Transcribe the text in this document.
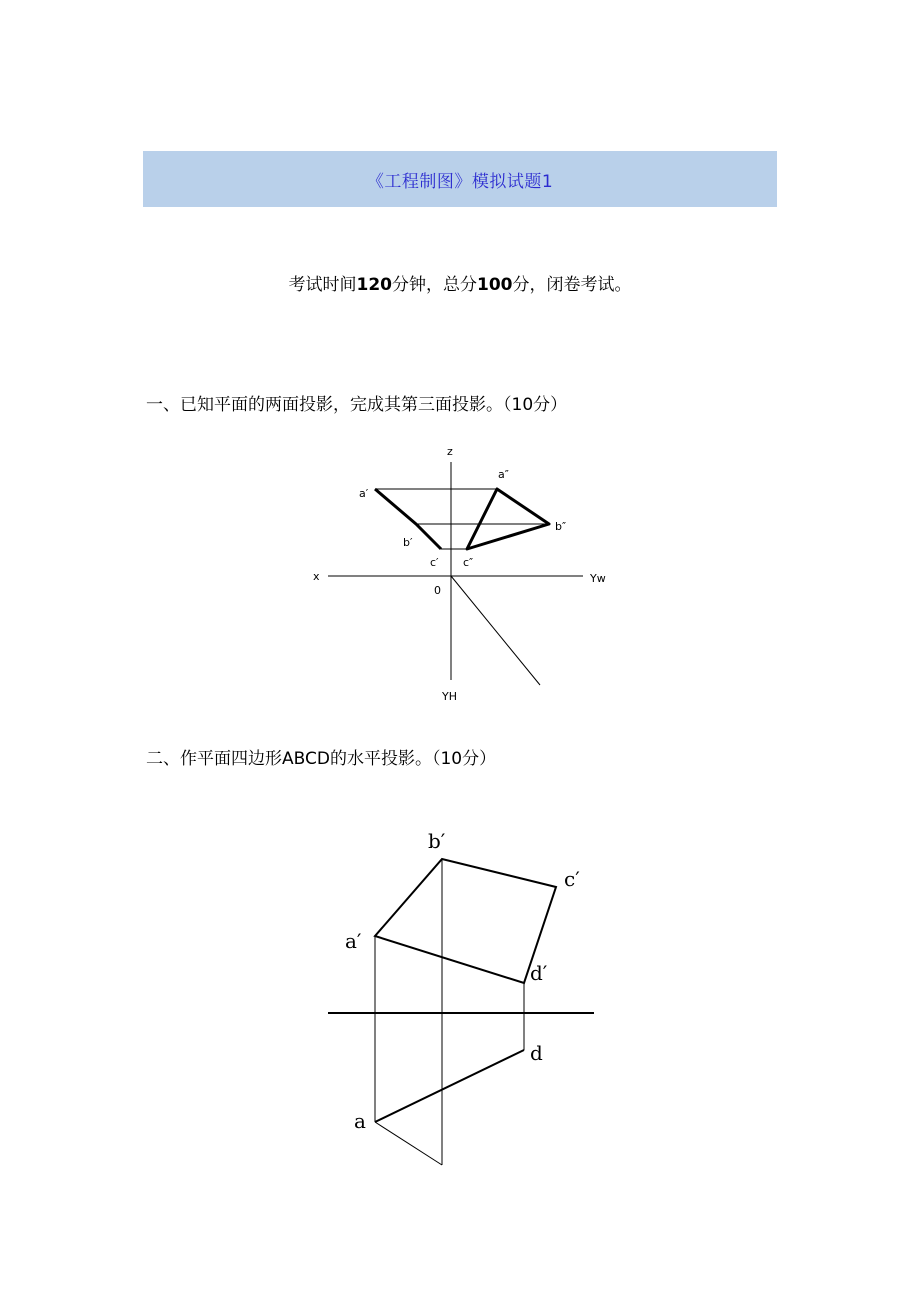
《工程制图》模拟试题1
考试时间120分钟，总分100分，闭卷考试。
一、已知平面的两面投影，完成其第三面投影。（10分）
z
x	Yw
0
YH
a′
b′
c′
a″
b″
c″
二、作平面四边形ABCD的水平投影。（10分）
b′
c′
a′
d′
d
a
